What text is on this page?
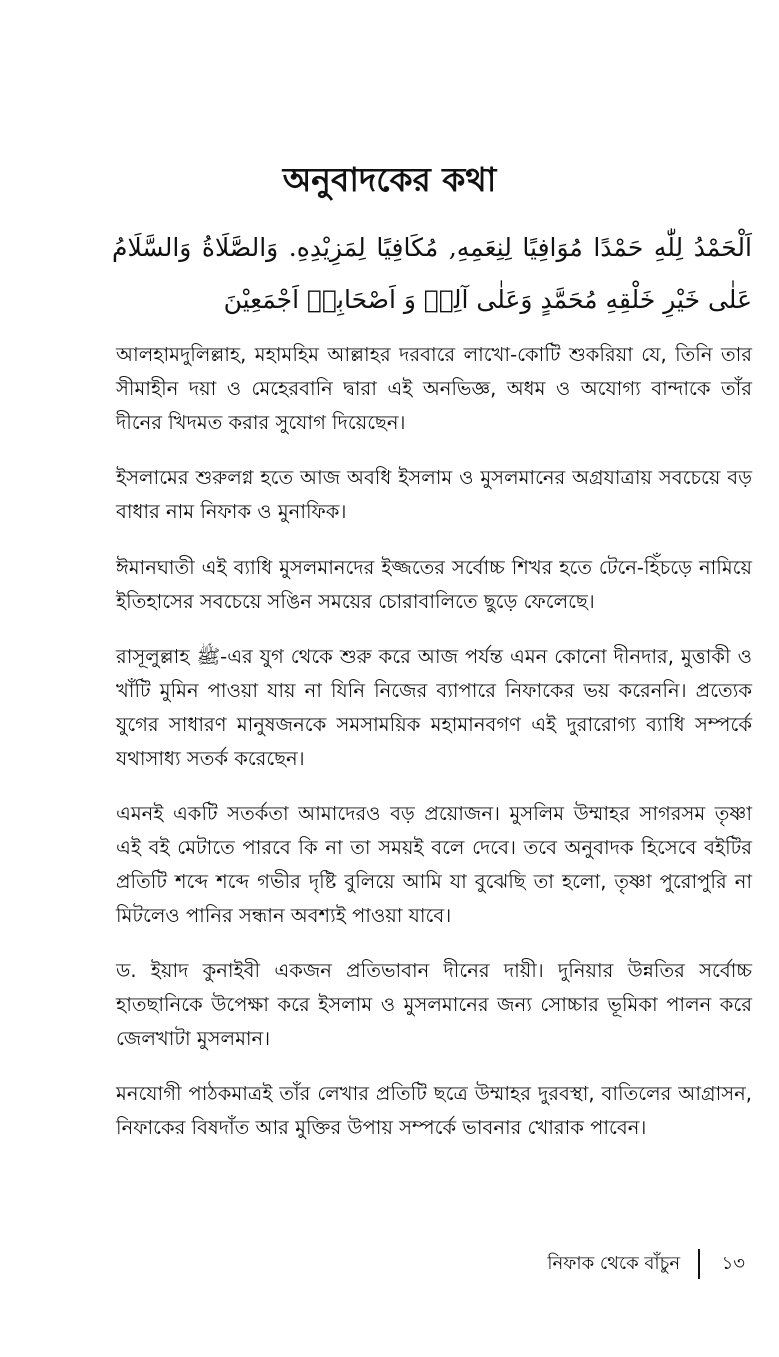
অনুবাদকের কথা
اَلْحَمْدُ لِلّٰهِ حَمْدًا مُوَافِيًا لِنِعَمِهِ, مُكَافِيًا لِمَزِيْدِهِ. وَالصَّلَاةُ وَالسَّلَامُ عَلٰى خَيْرِ خَلْقِهِ مُحَمَّدٍ وَعَلٰى آلِهٖ وَ اَصْحَابِهٖ اَجْمَعِيْنَ

আলহামদুলিল্লাহ, মহামহিম আল্লাহর দরবারে লাখো-কোটি শুকরিয়া যে, তিনি তার সীমাহীন দয়া ও মেহেরবানি দ্বারা এই অনভিজ্ঞ, অধম ও অযোগ্য বান্দাকে তাঁর দীনের খিদমত করার সুযোগ দিয়েছেন।

ইসলামের শুরুলগ্ন হতে আজ অবধি ইসলাম ও মুসলমানের অগ্রযাত্রায় সবচেয়ে বড় বাধার নাম নিফাক ও মুনাফিক।

ঈমানঘাতী এই ব্যাধি মুসলমানদের ইজ্জতের সর্বোচ্চ শিখর হতে টেনে-হিঁচড়ে নামিয়ে ইতিহাসের সবচেয়ে সঙিন সময়ের চোরাবালিতে ছুড়ে ফেলেছে।

রাসূলুল্লাহ ﷺ-এর যুগ থেকে শুরু করে আজ পর্যন্ত এমন কোনো দীনদার, মুত্তাকী ও খাঁটি মুমিন পাওয়া যায় না যিনি নিজের ব্যাপারে নিফাকের ভয় করেননি। প্রত্যেক যুগের সাধারণ মানুষজনকে সমসাময়িক মহামানবগণ এই দুরারোগ্য ব্যাধি সম্পর্কে যথাসাধ্য সতর্ক করেছেন।

এমনই একটি সতর্কতা আমাদেরও বড় প্রয়োজন। মুসলিম উম্মাহর সাগরসম তৃষ্ণা এই বই মেটাতে পারবে কি না তা সময়ই বলে দেবে। তবে অনুবাদক হিসেবে বইটির প্রতিটি শব্দে শব্দে গভীর দৃষ্টি বুলিয়ে আমি যা বুঝেছি তা হলো, তৃষ্ণা পুরোপুরি না মিটলেও পানির সন্ধান অবশ্যই পাওয়া যাবে।

ড. ইয়াদ কুনাইবী একজন প্রতিভাবান দীনের দায়ী। দুনিয়ার উন্নতির সর্বোচ্চ হাতছানিকে উপেক্ষা করে ইসলাম ও মুসলমানের জন্য সোচ্চার ভূমিকা পালন করে জেলখাটা মুসলমান।

মনযোগী পাঠকমাত্রই তাঁর লেখার প্রতিটি ছত্রে উম্মাহর দুরবস্থা, বাতিলের আগ্রাসন, নিফাকের বিষদাঁত আর মুক্তির উপায় সম্পর্কে ভাবনার খোরাক পাবেন।

নিফাক থেকে বাঁচুন	১৩
